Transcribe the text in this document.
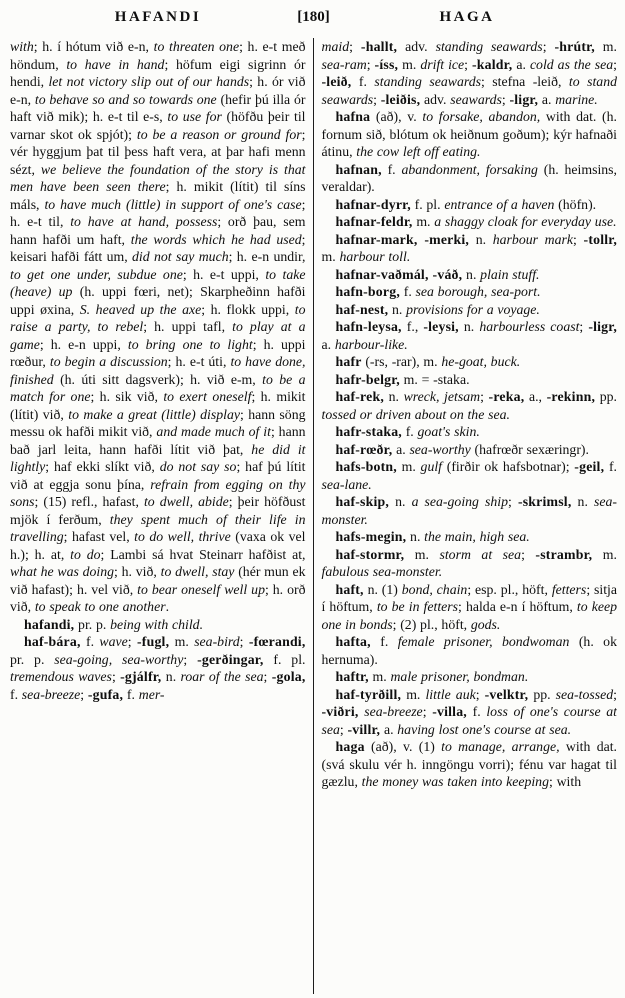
HAFANDI	[180]	HAGA

with; h. í hótum við e-n, to threaten one; h. e-t með höndum, to have in hand; höfum eigi sigrinn ór hendi, let not victory slip out of our hands; h. ór við e-n, to behave so and so towards one (hefir þú illa ór haft við mik); h. e-t til e-s, to use for (höfðu þeir til varnar skot ok spjót); to be a reason or ground for; vér hyggjum þat til þess haft vera, at þar hafi menn sézt, we believe the foundation of the story is that men have been seen there; h. mikit (lítit) til síns máls, to have much (little) in support of one's case; h. e-t til, to have at hand, possess; orð þau, sem hann hafði um haft, the words which he had used; keisari hafði fátt um, did not say much; h. e-n undir, to get one under, subdue one; h. e-t uppi, to take (heave) up (h. uppi fœri, net); Skarpheðinn hafði uppi øxina, S. heaved up the axe; h. flokk uppi, to raise a party, to rebel; h. uppi tafl, to play at a game; h. e-n uppi, to bring one to light; h. uppi rœður, to begin a discussion; h. e-t úti, to have done, finished (h. úti sitt dagsverk); h. við e-m, to be a match for one; h. sik við, to exert oneself; h. mikit (lítit) við, to make a great (little) display; hann söng messu ok hafði mikit við, and made much of it; hann bað jarl leita, hann hafði lítit við þat, he did it lightly; haf ekki slíkt við, do not say so; haf þú lítit við at eggja sonu þína, refrain from egging on thy sons; (15) refl., hafast, to dwell, abide; þeir höfðust mjök í ferðum, they spent much of their life in travelling; hafast vel, to do well, thrive (vaxa ok vel h.); h. at, to do; Lambi sá hvat Steinarr hafðist at, what he was doing; h. við, to dwell, stay (hér mun ek við hafast); h. vel við, to bear oneself well up; h. orð við, to speak to one another.

hafandi, pr. p. being with child.

haf-bára, f. wave; -fugl, m. sea-bird; -fœrandi, pr. p. sea-going, sea-worthy; -gerðingar, f. pl. tremendous waves; -gjálfr, n. roar of the sea; -gola, f. sea-breeze; -gufa, f. mer-

maid; -hallt, adv. standing seawards; -hrútr, m. sea-ram; -íss, m. drift ice; -kaldr, a. cold as the sea; -leið, f. standing seawards; stefna -leið, to stand seawards; -leiðis, adv. seawards; -ligr, a. marine.

hafna (að), v. to forsake, abandon, with dat. (h. fornum sið, blótum ok heiðnum goðum); kýr hafnaði átinu, the cow left off eating.

hafnan, f. abandonment, forsaking (h. heimsins, veraldar).

hafnar-dyrr, f. pl. entrance of a haven (höfn).

hafnar-feldr, m. a shaggy cloak for everyday use.

hafnar-mark, -merki, n. harbour mark; -tollr, m. harbour toll.

hafnar-vaðmál, -váð, n. plain stuff.

hafn-borg, f. sea borough, sea-port.

haf-nest, n. provisions for a voyage.

hafn-leysa, f., -leysi, n. harbourless coast; -ligr, a. harbour-like.

hafr (-rs, -rar), m. he-goat, buck.

hafr-belgr, m. = -staka.

haf-rek, n. wreck, jetsam; -reka, a., -rekinn, pp. tossed or driven about on the sea.

hafr-staka, f. goat's skin.

haf-rœðr, a. sea-worthy (hafrœðr sexæringr).

hafs-botn, m. gulf (firðir ok hafsbotnar); -geil, f. sea-lane.

haf-skip, n. a sea-going ship; -skrimsl, n. sea-monster.

hafs-megin, n. the main, high sea.

haf-stormr, m. storm at sea; -strambr, m. fabulous sea-monster.

haft, n. (1) bond, chain; esp. pl., höft, fetters; sitja í höftum, to be in fetters; halda e-n í höftum, to keep one in bonds; (2) pl., höft, gods.

hafta, f. female prisoner, bondwoman (h. ok hernuma).

haftr, m. male prisoner, bondman.

haf-tyrðill, m. little auk; -velktr, pp. sea-tossed; -viðri, sea-breeze; -villa, f. loss of one's course at sea; -villr, a. having lost one's course at sea.

haga (að), v. (1) to manage, arrange, with dat. (svá skulu vér h. inngöngu vorri); fénu var hagat til gæzlu, the money was taken into keeping; with
